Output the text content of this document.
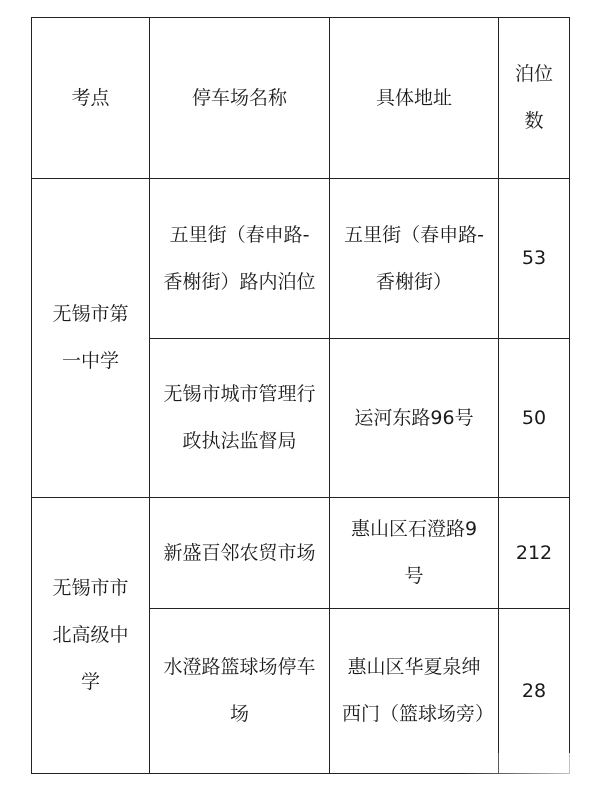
考点	停车场名称	具体地址	泊位数
无锡市第一中学	五里街（春申路-香榭街）路内泊位	五里街（春申路-香榭街）	53
	无锡市城市管理行政执法监督局	运河东路96号	50
无锡市市北高级中学	新盛百邻农贸市场	惠山区石澄路9号	212
	水澄路篮球场停车场	惠山区华夏泉绅西门（篮球场旁）	28
